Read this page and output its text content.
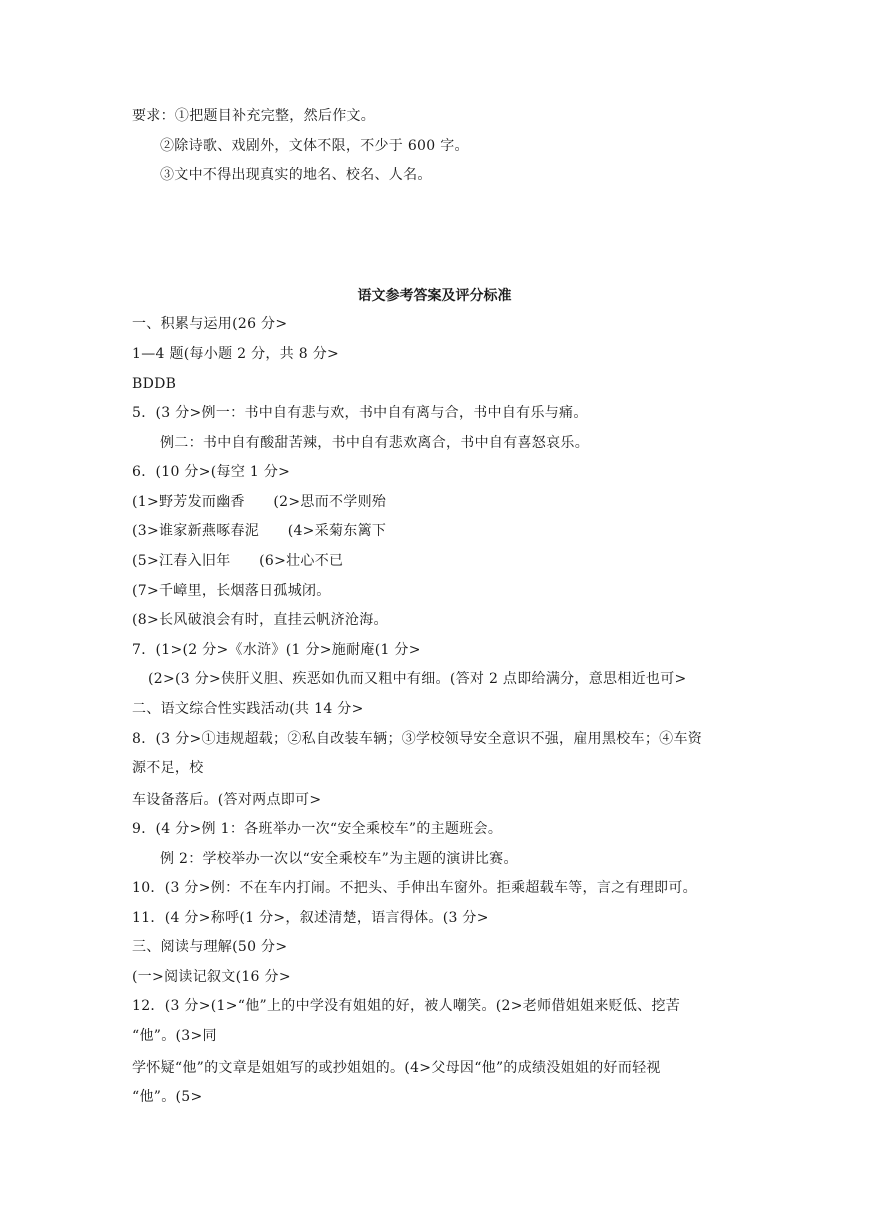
要求：①把题目补充完整，然后作文。
②除诗歌、戏剧外，文体不限，不少于 600 字。
③文中不得出现真实的地名、校名、人名。
语文参考答案及评分标准
一、积累与运用(26 分>
1—4 题(每小题 2 分，共 8 分>
BDDB
5．(3 分>例一：书中自有悲与欢，书中自有离与合，书中自有乐与痛。
例二：书中自有酸甜苦辣，书中自有悲欢离合，书中自有喜怒哀乐。
6．(10 分>(每空 1 分>
(1>野芳发而幽香　　(2>思而不学则殆
(3>谁家新燕啄春泥　　(4>采菊东篱下
(5>江春入旧年　　(6>壮心不已
(7>千嶂里，长烟落日孤城闭。
(8>长风破浪会有时，直挂云帆济沧海。
7．(1>(2 分>《水浒》(1 分>施耐庵(1 分>
(2>(3 分>侠肝义胆、疾恶如仇而又粗中有细。(答对 2 点即给满分，意思相近也可>
二、语文综合性实践活动(共 14 分>
8．(3 分>①违规超载；②私自改装车辆；③学校领导安全意识不强，雇用黑校车；④车资
源不足，校
车设备落后。(答对两点即可>
9．(4 分>例 1：各班举办一次“安全乘校车”的主题班会。
例 2：学校举办一次以“安全乘校车”为主题的演讲比赛。
10．(3 分>例：不在车内打闹。不把头、手伸出车窗外。拒乘超载车等，言之有理即可。
11．(4 分>称呼(1 分>，叙述清楚，语言得体。(3 分>
三、阅读与理解(50 分>
(一>阅读记叙文(16 分>
12．(3 分>(1>“他”上的中学没有姐姐的好，被人嘲笑。(2>老师借姐姐来贬低、挖苦
“他”。(3>同
学怀疑“他”的文章是姐姐写的或抄姐姐的。(4>父母因“他”的成绩没姐姐的好而轻视
“他”。(5>
